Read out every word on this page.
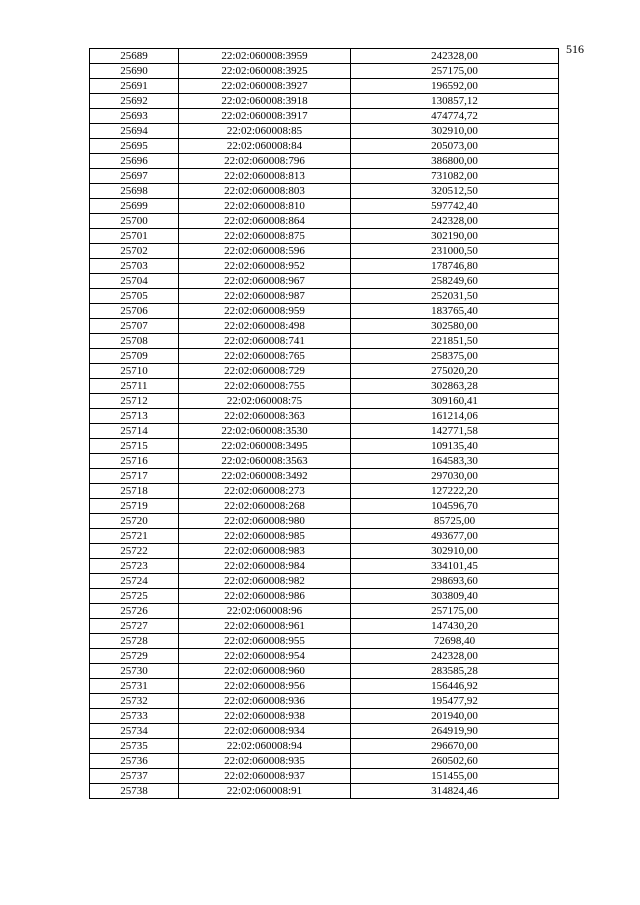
516
25689	22:02:060008:3959	242328,00
25690	22:02:060008:3925	257175,00
25691	22:02:060008:3927	196592,00
25692	22:02:060008:3918	130857,12
25693	22:02:060008:3917	474774,72
25694	22:02:060008:85	302910,00
25695	22:02:060008:84	205073,00
25696	22:02:060008:796	386800,00
25697	22:02:060008:813	731082,00
25698	22:02:060008:803	320512,50
25699	22:02:060008:810	597742,40
25700	22:02:060008:864	242328,00
25701	22:02:060008:875	302190,00
25702	22:02:060008:596	231000,50
25703	22:02:060008:952	178746,80
25704	22:02:060008:967	258249,60
25705	22:02:060008:987	252031,50
25706	22:02:060008:959	183765,40
25707	22:02:060008:498	302580,00
25708	22:02:060008:741	221851,50
25709	22:02:060008:765	258375,00
25710	22:02:060008:729	275020,20
25711	22:02:060008:755	302863,28
25712	22:02:060008:75	309160,41
25713	22:02:060008:363	161214,06
25714	22:02:060008:3530	142771,58
25715	22:02:060008:3495	109135,40
25716	22:02:060008:3563	164583,30
25717	22:02:060008:3492	297030,00
25718	22:02:060008:273	127222,20
25719	22:02:060008:268	104596,70
25720	22:02:060008:980	85725,00
25721	22:02:060008:985	493677,00
25722	22:02:060008:983	302910,00
25723	22:02:060008:984	334101,45
25724	22:02:060008:982	298693,60
25725	22:02:060008:986	303809,40
25726	22:02:060008:96	257175,00
25727	22:02:060008:961	147430,20
25728	22:02:060008:955	72698,40
25729	22:02:060008:954	242328,00
25730	22:02:060008:960	283585,28
25731	22:02:060008:956	156446,92
25732	22:02:060008:936	195477,92
25733	22:02:060008:938	201940,00
25734	22:02:060008:934	264919,90
25735	22:02:060008:94	296670,00
25736	22:02:060008:935	260502,60
25737	22:02:060008:937	151455,00
25738	22:02:060008:91	314824,46
